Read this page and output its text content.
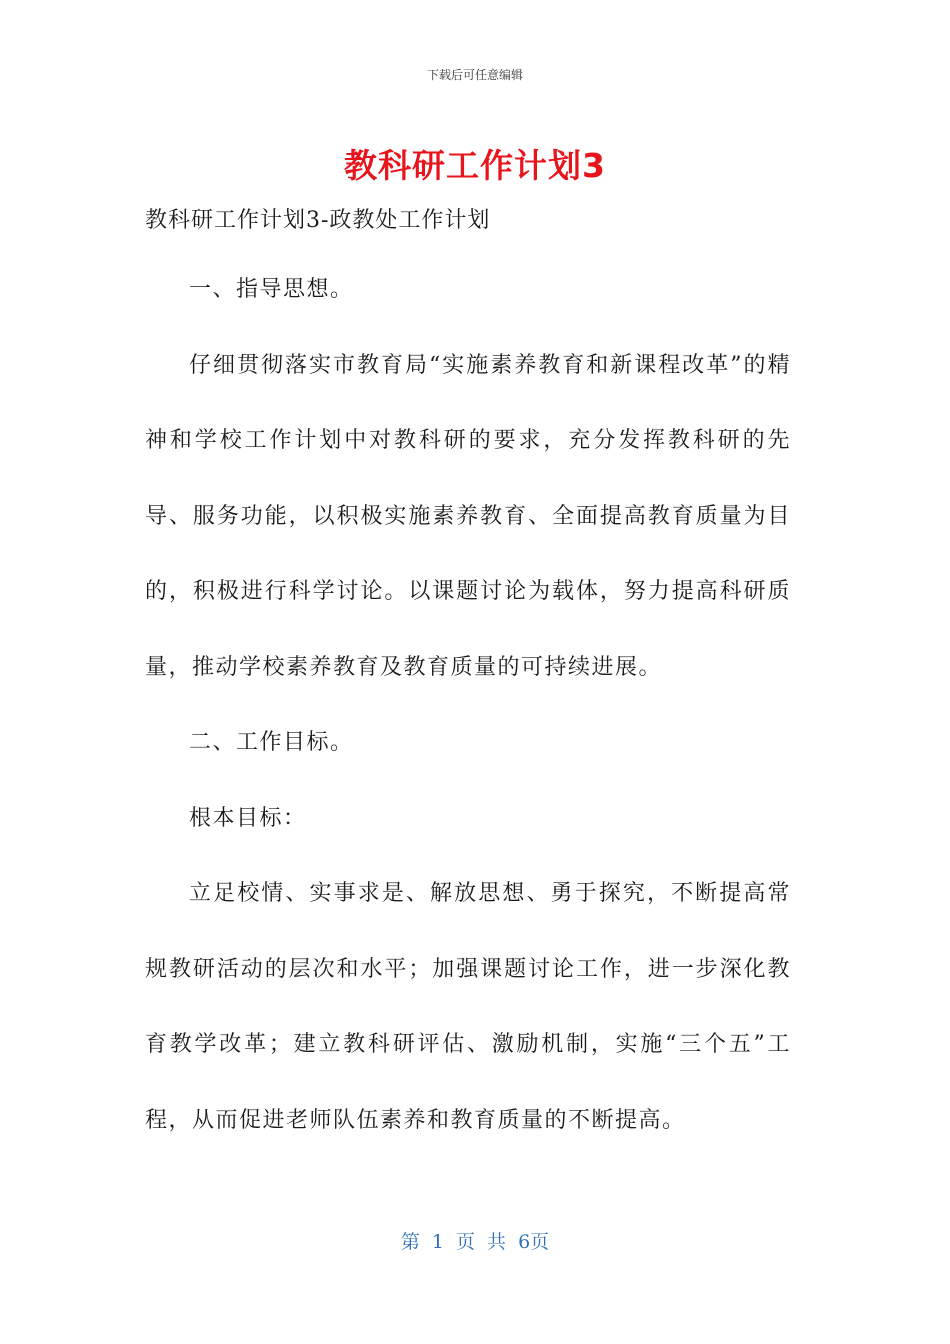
下载后可任意编辑
教科研工作计划3
教科研工作计划3-政教处工作计划

一、指导思想。

仔细贯彻落实市教育局“实施素养教育和新课程改革”的精神和学校工作计划中对教科研的要求，充分发挥教科研的先导、服务功能，以积极实施素养教育、全面提高教育质量为目的，积极进行科学讨论。以课题讨论为载体，努力提高科研质量，推动学校素养教育及教育质量的可持续进展。

二、工作目标。

根本目标：

立足校情、实事求是、解放思想、勇于探究，不断提高常规教研活动的层次和水平；加强课题讨论工作，进一步深化教育教学改革；建立教科研评估、激励机制，实施“三个五”工程，从而促进老师队伍素养和教育质量的不断提高。

第 1 页 共 6页
